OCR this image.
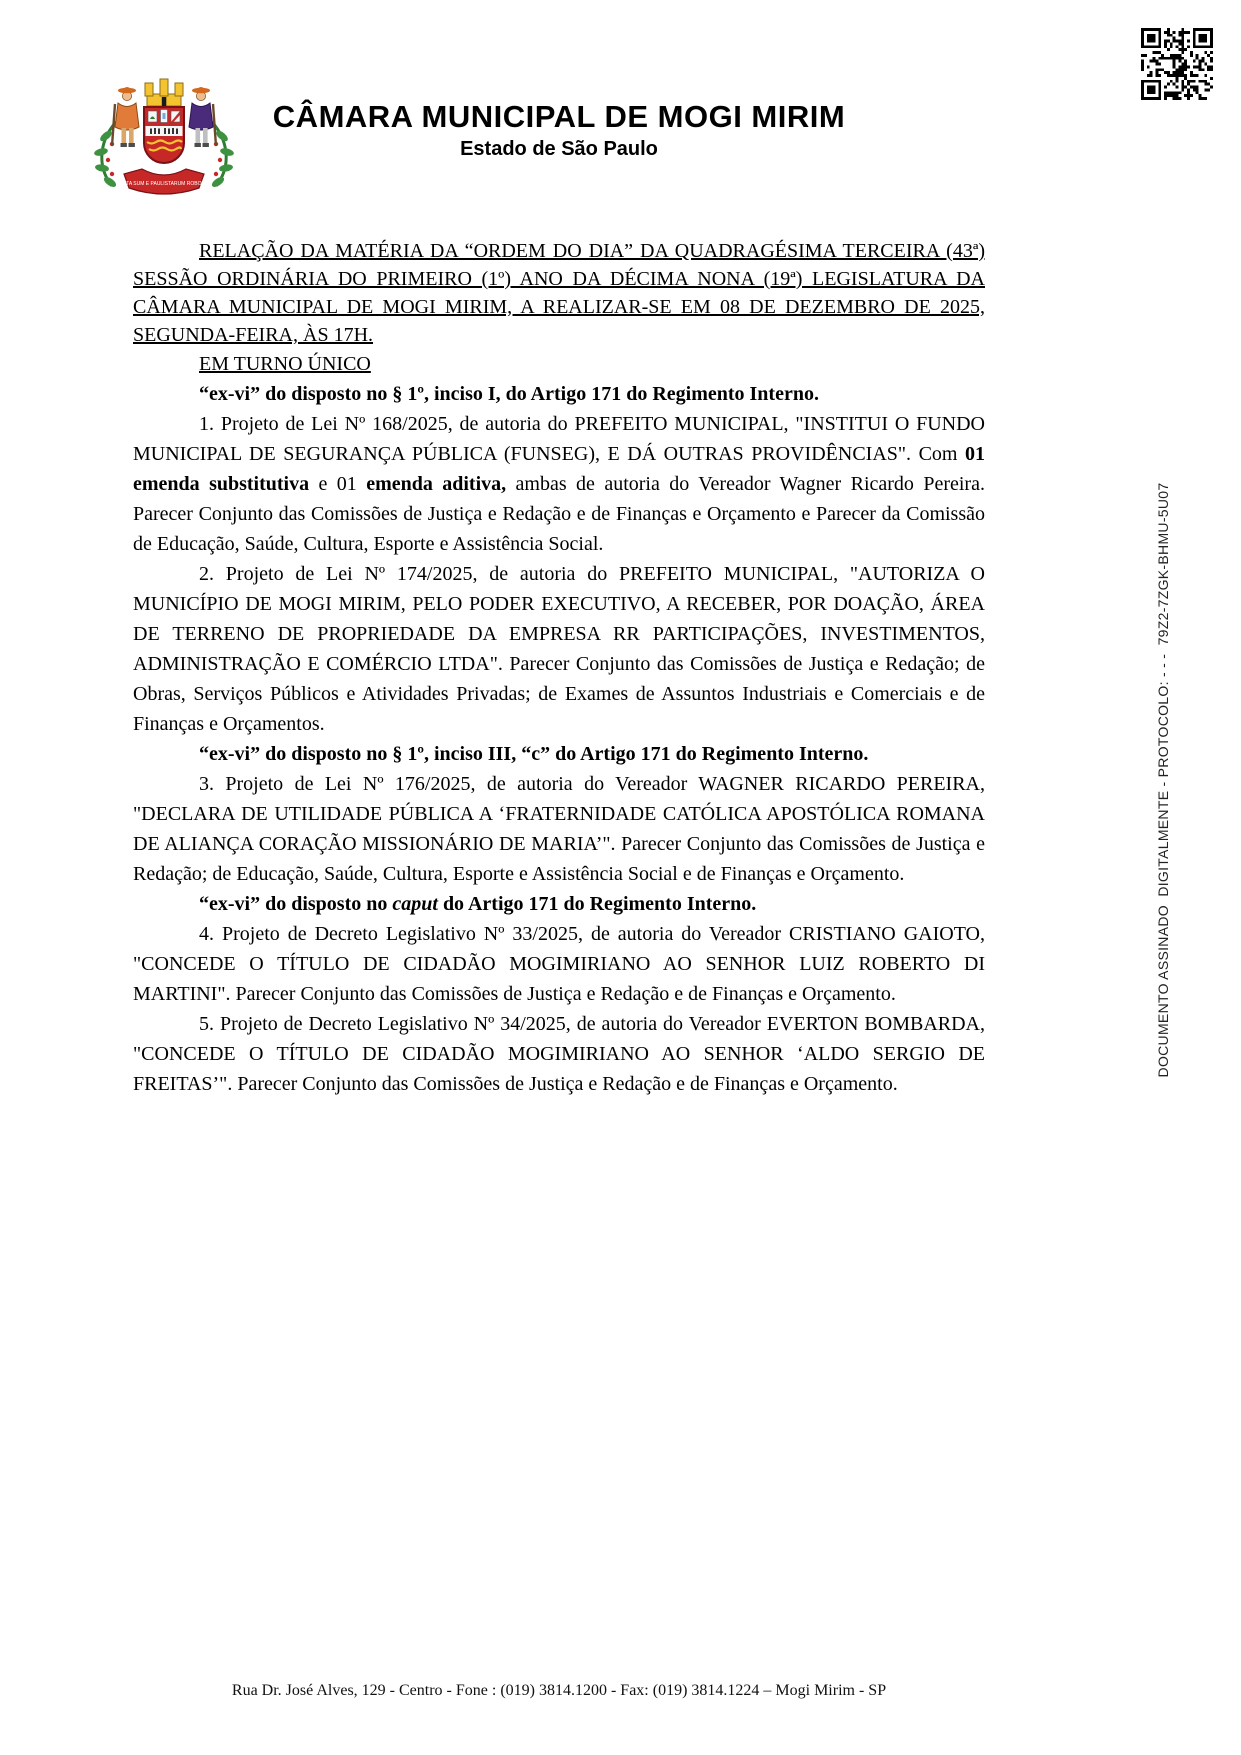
NATA SUM E PAULISTARUM ROBORE
CÂMARA MUNICIPAL DE MOGI MIRIM
Estado de São Paulo
DOCUMENTO ASSINADO  DIGITALMENTE - PROTOCOLO: - - -  79Z2-7ZGK-BHMU-5U07

RELAÇÃO DA MATÉRIA DA “ORDEM DO DIA” DA QUADRAGÉSIMA TERCEIRA (43ª) SESSÃO ORDINÁRIA DO PRIMEIRO (1º) ANO DA DÉCIMA NONA (19ª) LEGISLATURA DA CÂMARA MUNICIPAL DE MOGI MIRIM, A REALIZAR-SE EM 08 DE DEZEMBRO DE 2025, SEGUNDA-FEIRA, ÀS 17H.

EM TURNO ÚNICO

“ex-vi” do disposto no § 1º, inciso I, do Artigo 171 do Regimento Interno.

1. Projeto de Lei Nº 168/2025, de autoria do PREFEITO MUNICIPAL, "INSTITUI O FUNDO MUNICIPAL DE SEGURANÇA PÚBLICA (FUNSEG), E DÁ OUTRAS PROVIDÊNCIAS". Com 01 emenda substitutiva e 01 emenda aditiva, ambas de autoria do Vereador Wagner Ricardo Pereira. Parecer Conjunto das Comissões de Justiça e Redação e de Finanças e Orçamento e Parecer da Comissão de Educação, Saúde, Cultura, Esporte e Assistência Social.

2. Projeto de Lei Nº 174/2025, de autoria do PREFEITO MUNICIPAL, "AUTORIZA O MUNICÍPIO DE MOGI MIRIM, PELO PODER EXECUTIVO, A RECEBER, POR DOAÇÃO, ÁREA DE TERRENO DE PROPRIEDADE DA EMPRESA RR PARTICIPAÇÕES, INVESTIMENTOS, ADMINISTRAÇÃO E COMÉRCIO LTDA". Parecer Conjunto das Comissões de Justiça e Redação; de Obras, Serviços Públicos e Atividades Privadas; de Exames de Assuntos Industriais e Comerciais e de Finanças e Orçamentos.

“ex-vi” do disposto no § 1º, inciso III, “c” do Artigo 171 do Regimento Interno.

3. Projeto de Lei Nº 176/2025, de autoria do Vereador WAGNER RICARDO PEREIRA, "DECLARA DE UTILIDADE PÚBLICA A ‘FRATERNIDADE CATÓLICA APOSTÓLICA ROMANA DE ALIANÇA CORAÇÃO MISSIONÁRIO DE MARIA’". Parecer Conjunto das Comissões de Justiça e Redação; de Educação, Saúde, Cultura, Esporte e Assistência Social e de Finanças e Orçamento.

“ex-vi” do disposto no caput do Artigo 171 do Regimento Interno.

4. Projeto de Decreto Legislativo Nº 33/2025, de autoria do Vereador CRISTIANO GAIOTO, "CONCEDE O TÍTULO DE CIDADÃO MOGIMIRIANO AO SENHOR LUIZ ROBERTO DI MARTINI". Parecer Conjunto das Comissões de Justiça e Redação e de Finanças e Orçamento.

5. Projeto de Decreto Legislativo Nº 34/2025, de autoria do Vereador EVERTON BOMBARDA, "CONCEDE O TÍTULO DE CIDADÃO MOGIMIRIANO AO SENHOR ‘ALDO SERGIO DE FREITAS’". Parecer Conjunto das Comissões de Justiça e Redação e de Finanças e Orçamento.

Rua Dr. José Alves, 129 - Centro - Fone : (019) 3814.1200 - Fax: (019) 3814.1224 – Mogi Mirim - SP
